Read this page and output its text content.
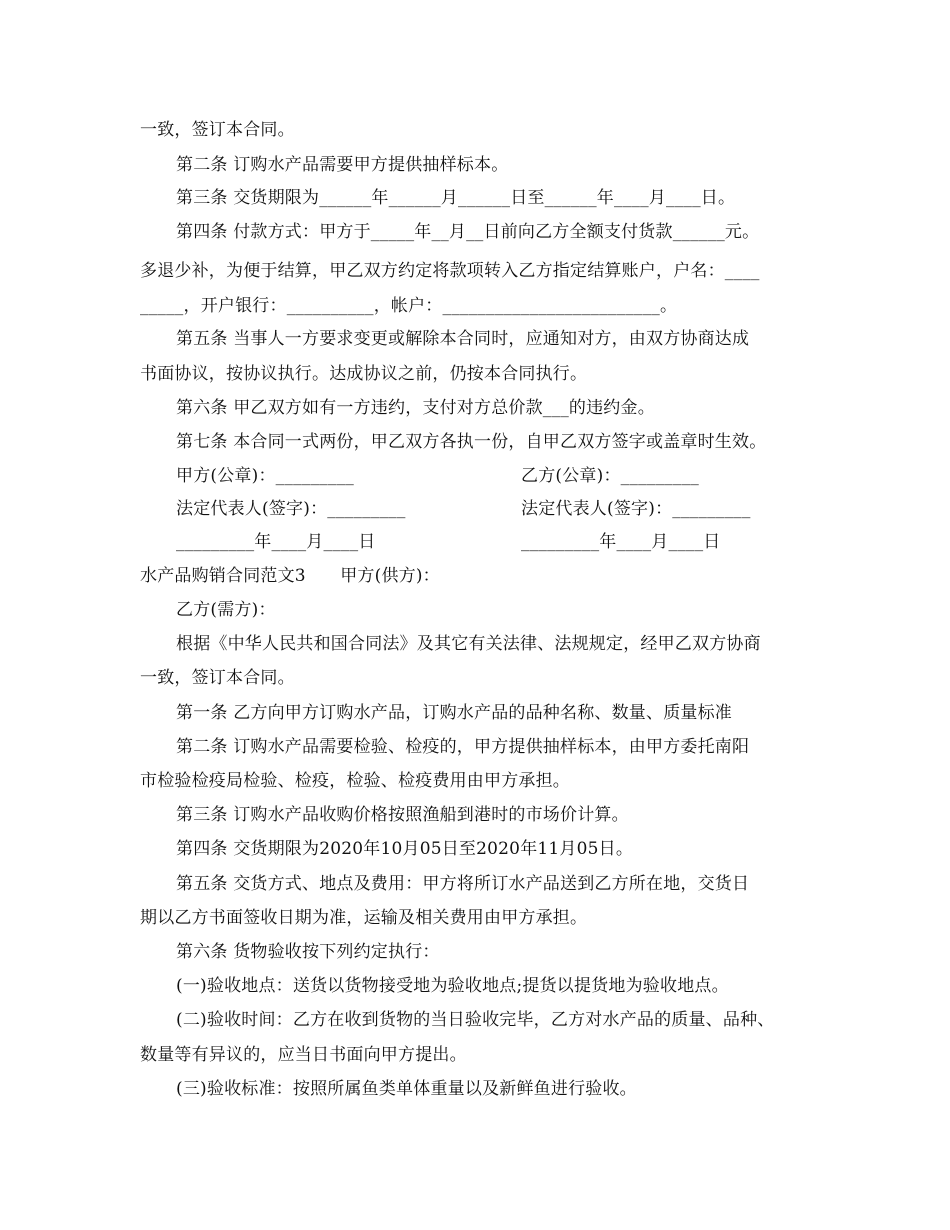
一致，签订本合同。
第二条 订购水产品需要甲方提供抽样标本。
第三条 交货期限为______年______月______日至______年____月____日。
第四条 付款方式：甲方于_____年__月__日前向乙方全额支付货款______元。
多退少补，为便于结算，甲乙双方约定将款项转入乙方指定结算账户，户名：____
_____，开户银行：__________，帐户：_________________________。
第五条 当事人一方要求变更或解除本合同时，应通知对方，由双方协商达成
书面协议，按协议执行。达成协议之前，仍按本合同执行。
第六条 甲乙双方如有一方违约，支付对方总价款___的违约金。
第七条 本合同一式两份，甲乙双方各执一份，自甲乙双方签字或盖章时生效。
甲方(公章)：_________	乙方(公章)：_________
法定代表人(签字)：_________	法定代表人(签字)：_________
_________年____月____日	_________年____月____日
水产品购销合同范文3　　甲方(供方)：
乙方(需方)：
根据《中华人民共和国合同法》及其它有关法律、法规规定，经甲乙双方协商
一致，签订本合同。
第一条 乙方向甲方订购水产品，订购水产品的品种名称、数量、质量标准
第二条 订购水产品需要检验、检疫的，甲方提供抽样标本，由甲方委托南阳
市检验检疫局检验、检疫，检验、检疫费用由甲方承担。
第三条 订购水产品收购价格按照渔船到港时的市场价计算。
第四条 交货期限为2020年10月05日至2020年11月05日。
第五条 交货方式、地点及费用：甲方将所订水产品送到乙方所在地，交货日
期以乙方书面签收日期为准，运输及相关费用由甲方承担。
第六条 货物验收按下列约定执行：
(一)验收地点：送货以货物接受地为验收地点;提货以提货地为验收地点。
(二)验收时间：乙方在收到货物的当日验收完毕，乙方对水产品的质量、品种、
数量等有异议的，应当日书面向甲方提出。
(三)验收标准：按照所属鱼类单体重量以及新鲜鱼进行验收。
